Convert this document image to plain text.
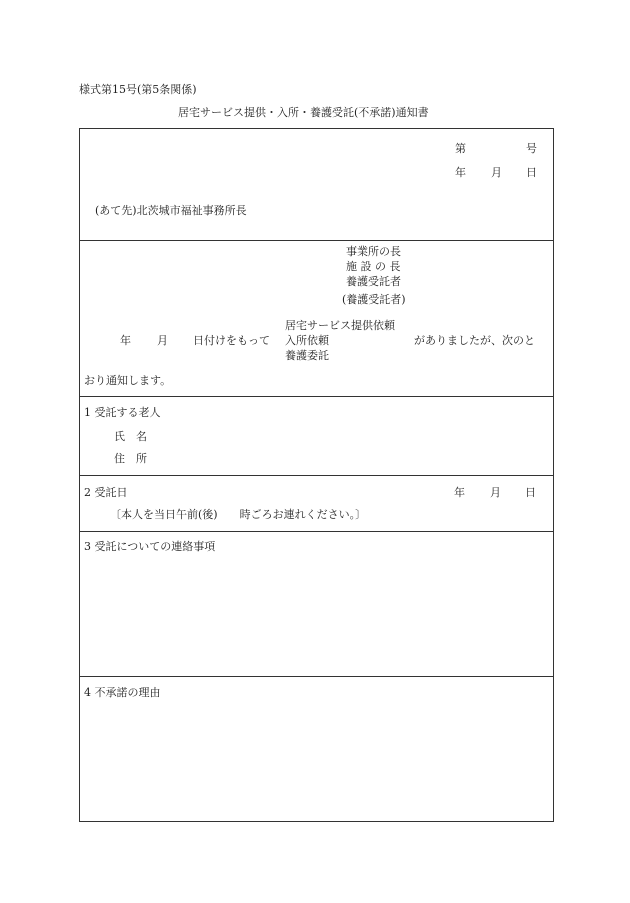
様式第15号(第5条関係)
居宅サービス提供・入所・養護受託(不承諾)通知書
第	号
年 月 日
(あて先)北茨城市福祉事務所長
事業所の長
施 設 の 長
養護受託者
(養護受託者)
年 月 日付けをもって
居宅サービス提供依頼
入所依頼
養護委託
がありましたが、次のと
おり通知します。
1 受託する老人
氏　名
住　所
2 受託日	年 月 日
〔本人を当日午前(後)　　時ごろお連れください。〕
3 受託についての連絡事項
4 不承諾の理由
